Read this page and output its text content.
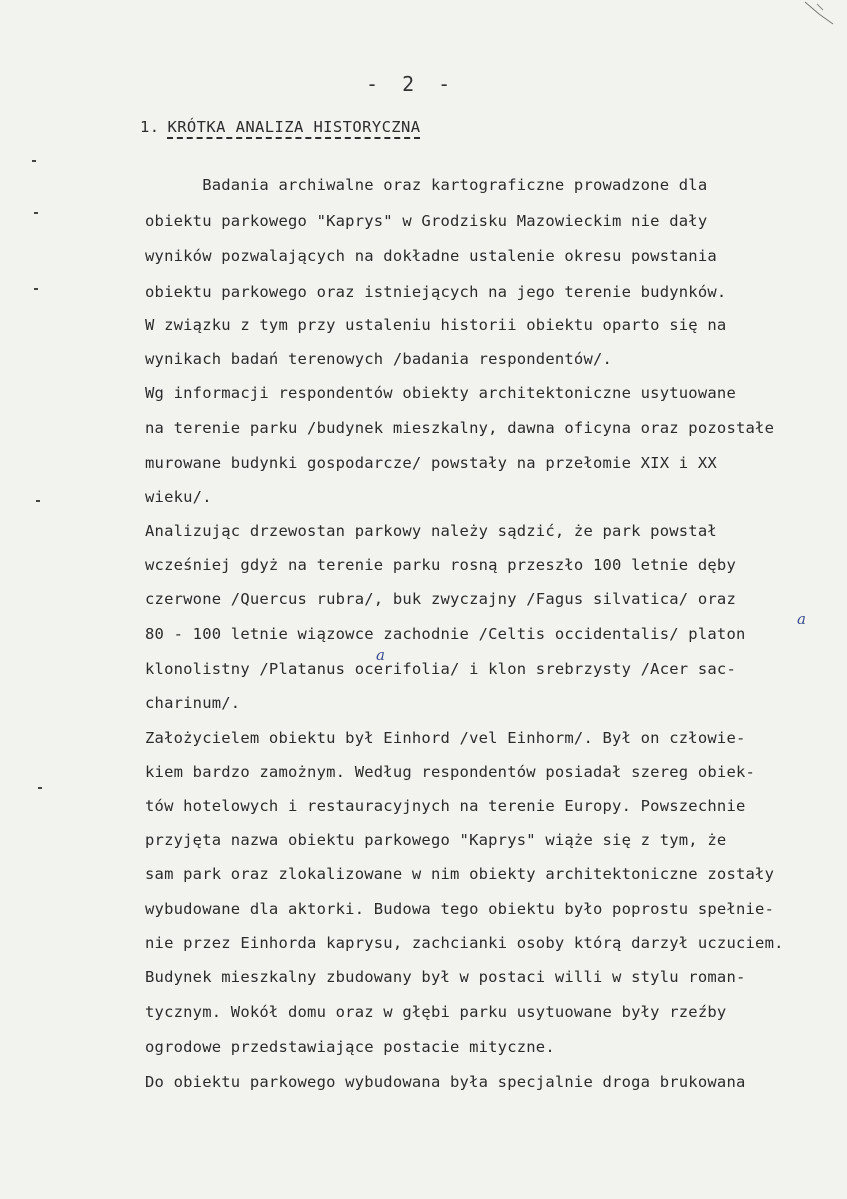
- 2 -
1. KRÓTKA ANALIZA HISTORYCZNA
Badania archiwalne oraz kartograficzne prowadzone dla
obiektu parkowego "Kaprys" w Grodzisku Mazowieckim nie dały
wyników pozwalających na dokładne ustalenie okresu powstania
obiektu parkowego oraz istniejących na jego terenie budynków.
W związku z tym przy ustaleniu historii obiektu oparto się na
wynikach badań terenowych /badania respondentów/.
Wg informacji respondentów obiekty architektoniczne usytuowane
na terenie parku /budynek mieszkalny, dawna oficyna oraz pozostałe
murowane budynki gospodarcze/ powstały na przełomie XIX i XX
wieku/.
Analizując drzewostan parkowy należy sądzić, że park powstał
wcześniej gdyż na terenie parku rosną przeszło 100 letnie dęby
czerwone /Quercus rubra/, buk zwyczajny /Fagus silvatica/ oraz
80 - 100 letnie wiązowce zachodnie /Celtis occidentalis/ platon
klonolistny /Platanus ocerifolia/ i klon srebrzysty /Acer sac-
charinum/.
Założycielem obiektu był Einhord /vel Einhorm/. Był on człowie-
kiem bardzo zamożnym. Według respondentów posiadał szereg obiek-
tów hotelowych i restauracyjnych na terenie Europy. Powszechnie
przyjęta nazwa obiektu parkowego "Kaprys" wiąże się z tym, że
sam park oraz zlokalizowane w nim obiekty architektoniczne zostały
wybudowane dla aktorki. Budowa tego obiektu było poprostu spełnie-
nie przez Einhorda kaprysu, zachcianki osoby którą darzył uczuciem.
Budynek mieszkalny zbudowany był w postaci willi w stylu roman-
tycznym. Wokół domu oraz w głębi parku usytuowane były rzeźby
ogrodowe przedstawiające postacie mityczne.
Do obiektu parkowego wybudowana była specjalnie droga brukowana
a
a
